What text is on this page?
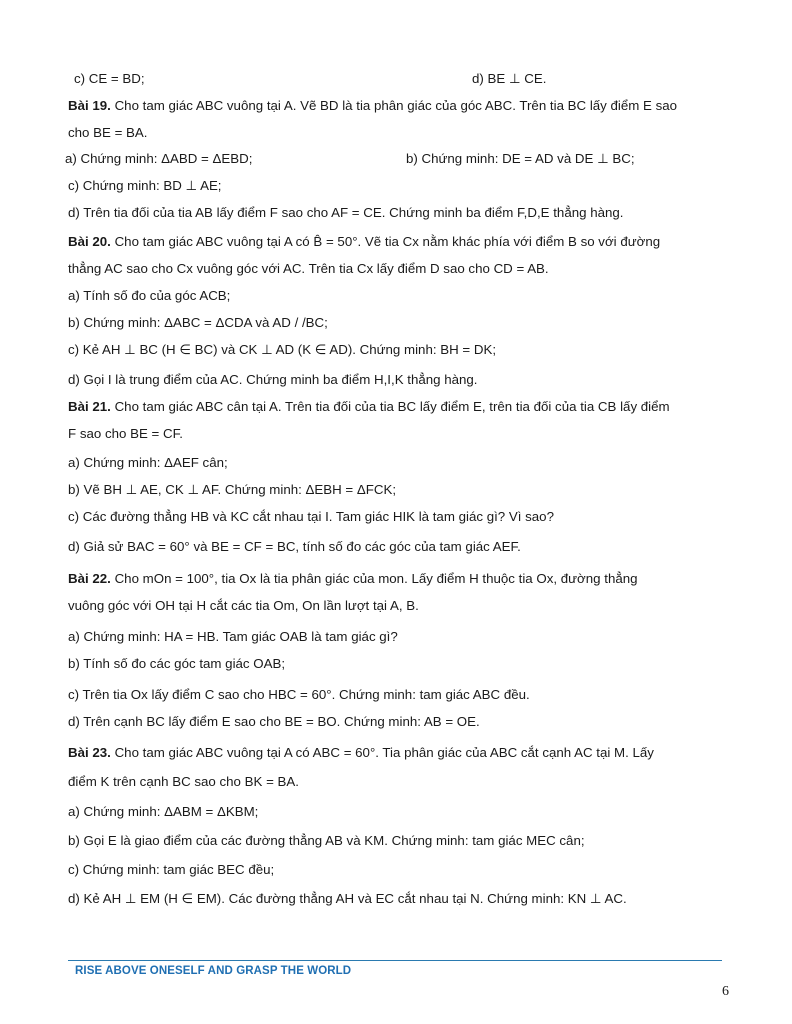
c) CE = BD;	d) BE ⊥ CE.
Bài 19. Cho tam giác ABC vuông tại A. Vẽ BD là tia phân giác của góc ABC. Trên tia BC lấy điểm E sao
cho BE = BA.
a) Chứng minh: ΔABD = ΔEBD;	b) Chứng minh: DE = AD và DE ⊥ BC;
c) Chứng minh: BD ⊥ AE;
d) Trên tia đối của tia AB lấy điểm F sao cho AF = CE. Chứng minh ba điểm F,D,E thẳng hàng.
Bài 20. Cho tam giác ABC vuông tại A có B̂ = 50°. Vẽ tia Cx nằm khác phía với điểm B so với đường
thẳng AC sao cho Cx vuông góc với AC. Trên tia Cx lấy điểm D sao cho CD = AB.
a) Tính số đo của góc ACB;
b) Chứng minh: ΔABC = ΔCDA và AD / /BC;
c) Kẻ AH ⊥ BC (H ∈ BC) và CK ⊥ AD (K ∈ AD). Chứng minh: BH = DK;
d) Gọi I là trung điểm của AC. Chứng minh ba điểm H,I,K thẳng hàng.
Bài 21. Cho tam giác ABC cân tại A. Trên tia đối của tia BC lấy điểm E, trên tia đối của tia CB lấy điểm
F sao cho BE = CF.
a) Chứng minh: ΔAEF cân;
b) Vẽ BH ⊥ AE, CK ⊥ AF. Chứng minh: ΔEBH = ΔFCK;
c) Các đường thẳng HB và KC cắt nhau tại I. Tam giác HIK là tam giác gì? Vì sao?
d) Giả sử BAC = 60° và BE = CF = BC, tính số đo các góc của tam giác AEF.
Bài 22. Cho mOn = 100°, tia Ox là tia phân giác của mon. Lấy điểm H thuộc tia Ox, đường thẳng
vuông góc với OH tại H cắt các tia Om, On lần lượt tại A, B.
a) Chứng minh: HA = HB. Tam giác OAB là tam giác gì?
b) Tính số đo các góc tam giác OAB;
c) Trên tia Ox lấy điểm C sao cho HBC = 60°. Chứng minh: tam giác ABC đều.
d) Trên cạnh BC lấy điểm E sao cho BE = BO. Chứng minh: AB = OE.
Bài 23. Cho tam giác ABC vuông tại A có ABC = 60°. Tia phân giác của ABC cắt cạnh AC tại M. Lấy
điểm K trên cạnh BC sao cho BK = BA.
a) Chứng minh: ΔABM = ΔKBM;
b) Gọi E là giao điểm của các đường thẳng AB và KM. Chứng minh: tam giác MEC cân;
c) Chứng minh: tam giác BEC đều;
d) Kẻ AH ⊥ EM (H ∈ EM). Các đường thẳng AH và EC cắt nhau tại N. Chứng minh: KN ⊥ AC.
RISE ABOVE ONESELF AND GRASP THE WORLD
6
